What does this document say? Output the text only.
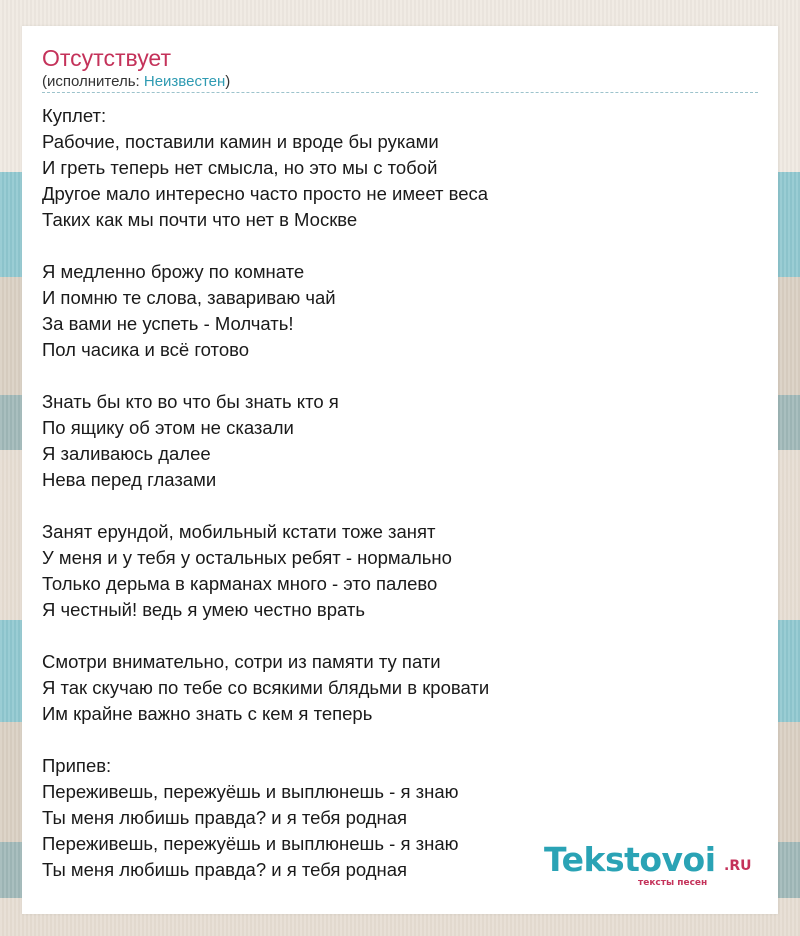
Отсутствует
(исполнитель: Неизвестен)
Куплет:
Рабочие, поставили камин и вроде бы руками
И греть теперь нет смысла, но это мы с тобой
Другое мало интересно часто просто не имеет веса
Таких как мы почти что нет в Москве
Я медленно брожу по комнате
И помню те слова, завариваю чай
За вами не успеть - Молчать!
Пол часика и всё готово
Знать бы кто во что бы знать кто я
По ящику об этом не сказали
Я заливаюсь далее
Нева перед глазами
Занят ерундой, мобильный кстати тоже занят
У меня и у тебя у остальных ребят - нормально
Только дерьма в карманах много - это палево
Я честный! ведь я умею честно врать
Смотри внимательно, сотри из памяти ту пати
Я так скучаю по тебе со всякими блядьми в кровати
Им крайне важно знать с кем я теперь
Припев:
Переживешь, пережуёшь и выплюнешь - я знаю
Ты меня любишь правда? и я тебя родная
Переживешь, пережуёшь и выплюнешь - я знаю
Ты меня любишь правда? и я тебя родная	Tekstovoi .RU
тексты песен
